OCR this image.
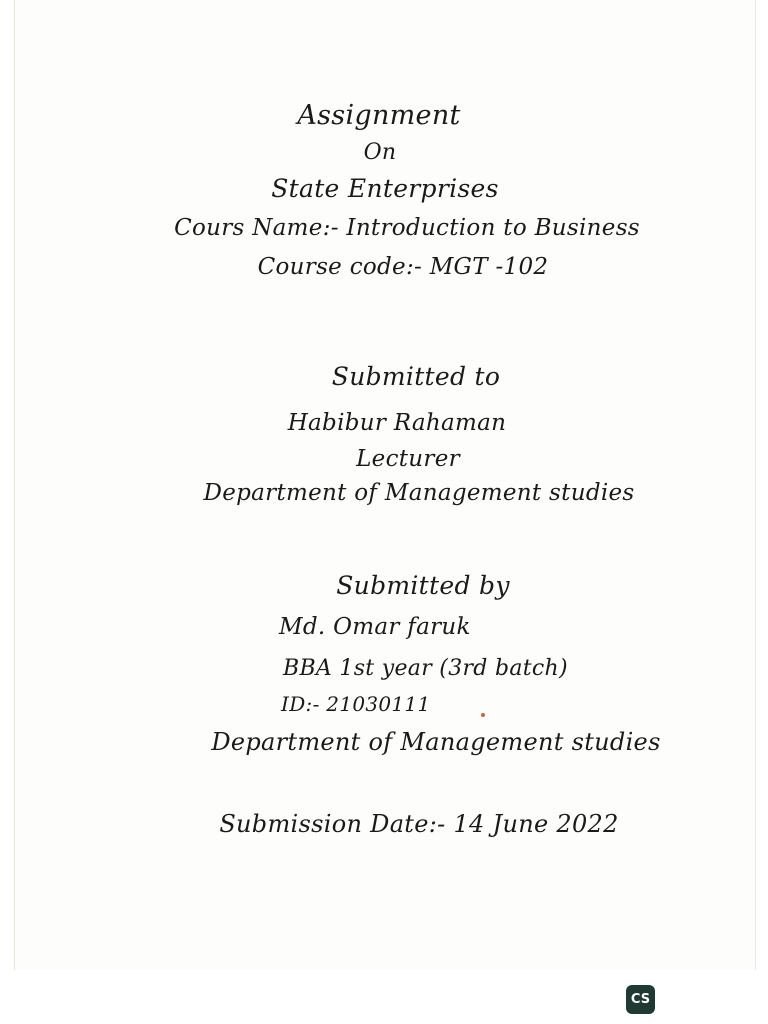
Assignment
On
State Enterprises
Cours Name:- Introduction to Business
Course code:- MGT -102
Submitted to
Habibur Rahaman
Lecturer
Department of Management studies
Submitted by
Md. Omar faruk
BBA 1st year (3rd batch)
ID:- 21030111
Department of Management studies
Submission Date:- 14 June 2022
CS
